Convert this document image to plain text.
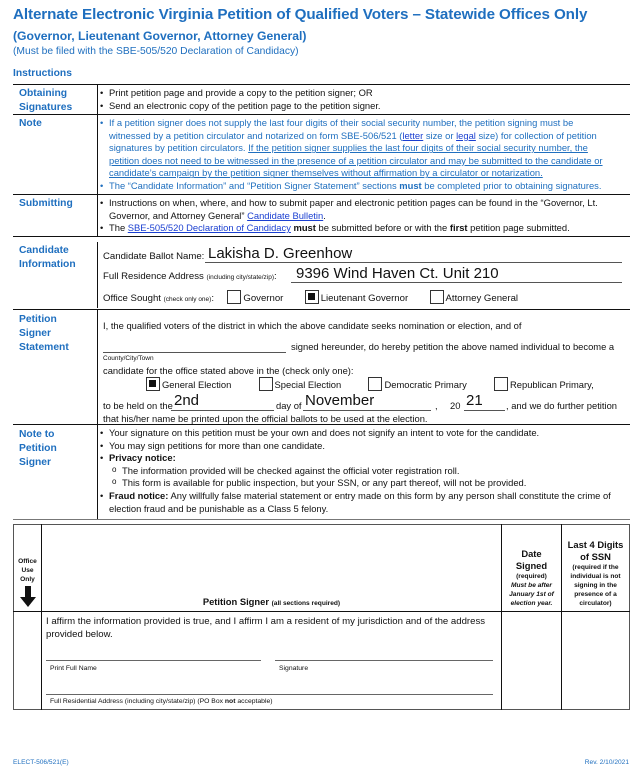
Alternate Electronic Virginia Petition of Qualified Voters – Statewide Offices Only
(Governor, Lieutenant Governor, Attorney General)
(Must be filed with the SBE-505/520 Declaration of Candidacy)
Instructions
Obtaining Signatures
• Print petition page and provide a copy to the petition signer; OR
• Send an electronic copy of the petition page to the petition signer.
Note	• If a petition signer does not supply the last four digits of their social security number, the petition signing must be
witnessed by a petition circulator and notarized on form SBE-506/521 (letter size or legal size) for collection of petition
signatures by petition circulators. If the petition signer supplies the last four digits of their social security number, the
petition does not need to be witnessed in the presence of a petition circulator and may be submitted to the candidate or
candidate’s campaign by the petition signer themselves without affirmation by a circulator or notarization.
• The “Candidate Information” and “Petition Signer Statement” sections must be completed prior to obtaining signatures.
Submitting	• Instructions on when, where, and how to submit paper and electronic petition pages can be found in the “Governor, Lt.
Governor, and Attorney General” Candidate Bulletin.
• The SBE-505/520 Declaration of Candidacy must be submitted before or with the first petition page submitted.
Candidate Information
Candidate Ballot Name: Lakisha D. Greenhow
Full Residence Address (including city/state/zip): 9396 Wind Haven Ct. Unit 210
Office Sought (check only one):	Governor	Lieutenant Governor	Attorney General
Petition Signer Statement
I, the qualified voters of the district in which the above candidate seeks nomination or election, and of
signed hereunder, do hereby petition the above named individual to become a
County/City/Town
candidate for the office stated above in the (check only one):
General Election	Special Election	Democratic Primary	Republican Primary,
to be held on the 2nd	day of November	, 20 21 , and we do further petition
that his/her name be printed upon the official ballots to be used at the election.
Note to Petition Signer
• Your signature on this petition must be your own and does not signify an intent to vote for the candidate.
• You may sign petitions for more than one candidate.
• Privacy notice:
o The information provided will be checked against the official voter registration roll.
o This form is available for public inspection, but your SSN, or any part thereof, will not be provided.
• Fraud notice: Any willfully false material statement or entry made on this form by any person shall constitute the crime of
election fraud and be punishable as a Class 5 felony.
Office Use Only
	Petition Signer (all sections required)	
Date Signed
(required)
Must be after January 1st of election year.

Last 4 Digits of SSN
(required if the individual is not signing in the presence of a circulator)

	I affirm the information provided is true, and I affirm I am a resident of my jurisdiction and of the address provided below.
Print Full Name Signature
Full Residential Address (including city/state/zip) (PO Box not acceptable)		

ELECT-506/521(E)	Rev. 2/10/2021
